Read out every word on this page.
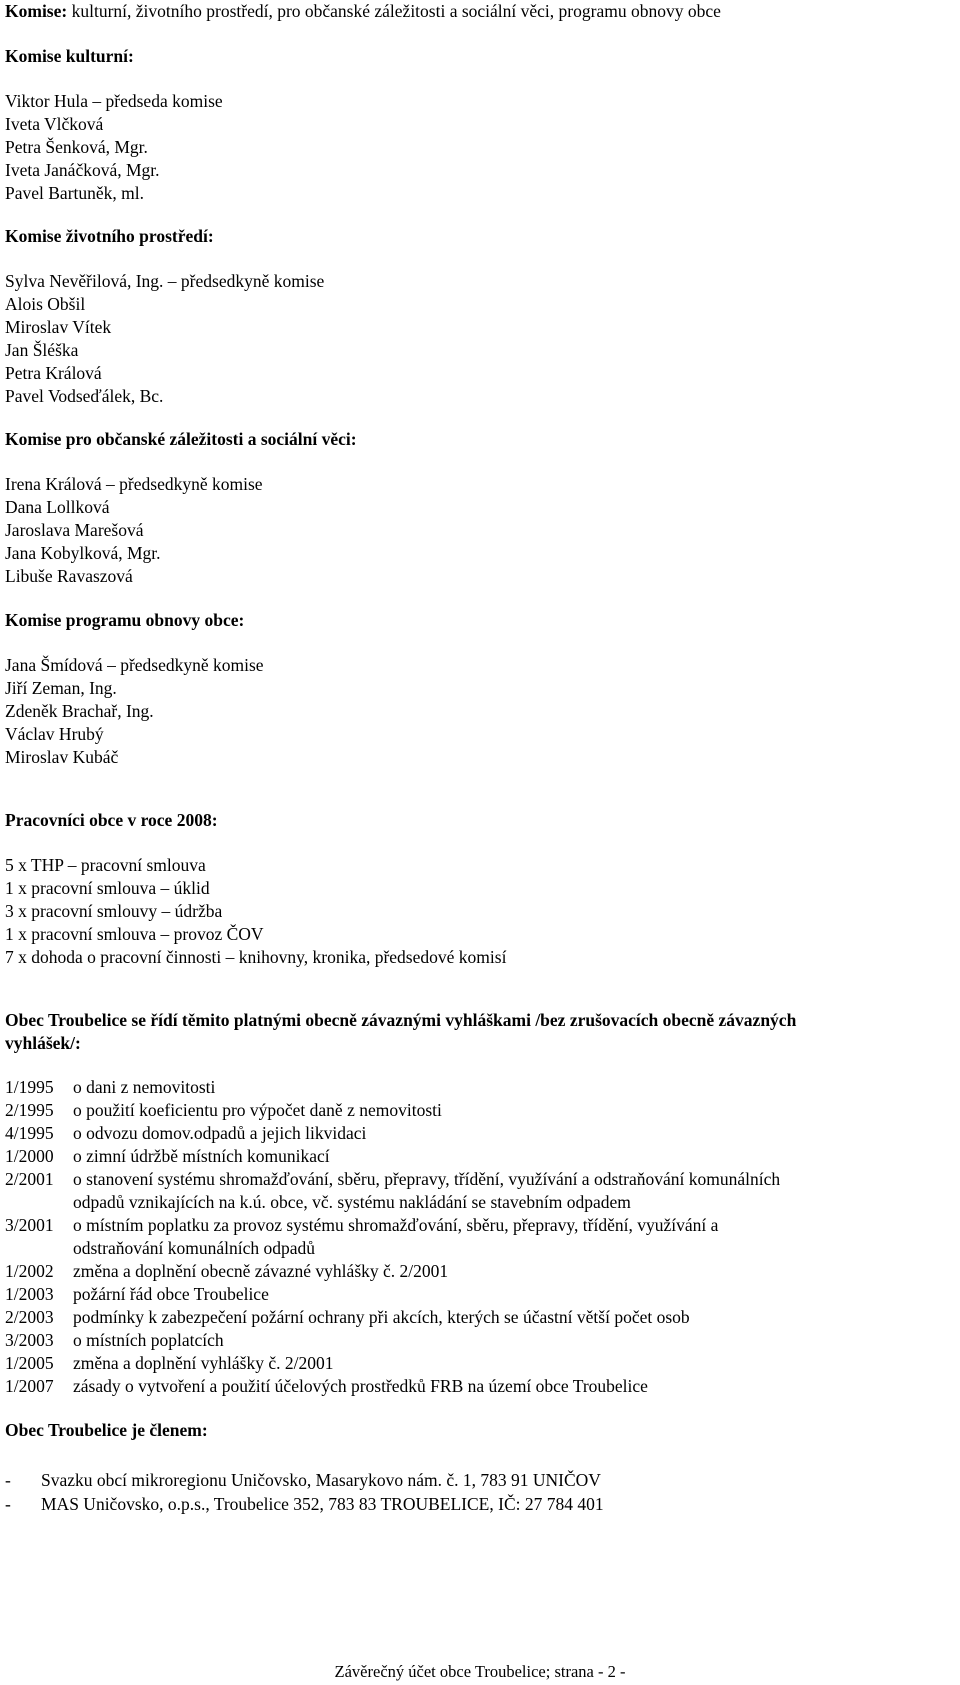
Komise: kulturní, životního prostředí, pro občanské záležitosti a sociální věci, programu obnovy obce
Komise kulturní:
Viktor Hula – předseda komise
Iveta Vlčková
Petra Šenková, Mgr.
Iveta Janáčková, Mgr.
Pavel Bartuněk, ml.
Komise životního prostředí:
Sylva Nevěřilová, Ing. – předsedkyně komise
Alois Obšil
Miroslav Vítek
Jan Šléška
Petra Králová
Pavel Vodseďálek, Bc.
Komise pro občanské záležitosti a sociální věci:
Irena Králová – předsedkyně komise
Dana Lollková
Jaroslava Marešová
Jana Kobylková, Mgr.
Libuše Ravaszová
Komise programu obnovy obce:
Jana Šmídová – předsedkyně komise
Jiří Zeman, Ing.
Zdeněk Brachař, Ing.
Václav Hrubý
Miroslav Kubáč
Pracovníci obce v roce 2008:
5 x THP – pracovní smlouva
1 x pracovní smlouva – úklid
3 x pracovní smlouvy – údržba
1 x pracovní smlouva – provoz ČOV
7 x dohoda o pracovní činnosti – knihovny, kronika, předsedové komisí
Obec Troubelice se řídí těmito platnými obecně závaznými vyhláškami /bez zrušovacích obecně závazných
vyhlášek/:
1/1995 o dani z nemovitosti
2/1995 o použití koeficientu pro výpočet daně z nemovitosti
4/1995 o odvozu domov.odpadů a jejich likvidaci
1/2000 o zimní údržbě místních komunikací
2/2001 o stanovení systému shromažďování, sběru, přepravy, třídění, využívání a odstraňování komunálních
odpadů vznikajících na k.ú. obce, vč. systému nakládání se stavebním odpadem
3/2001 o místním poplatku za provoz systému shromažďování, sběru, přepravy, třídění, využívání a
odstraňování komunálních odpadů
1/2002 změna a doplnění obecně závazné vyhlášky č. 2/2001
1/2003 požární řád obce Troubelice
2/2003 podmínky k zabezpečení požární ochrany při akcích, kterých se účastní větší počet osob
3/2003 o místních poplatcích
1/2005 změna a doplnění vyhlášky č. 2/2001
1/2007 zásady o vytvoření a použití účelových prostředků FRB na území obce Troubelice
Obec Troubelice je členem:
- Svazku obcí mikroregionu Uničovsko, Masarykovo nám. č. 1, 783 91 UNIČOV
- MAS Uničovsko, o.p.s., Troubelice 352, 783 83 TROUBELICE, IČ: 27 784 401
Závěrečný účet obce Troubelice; strana - 2 -
